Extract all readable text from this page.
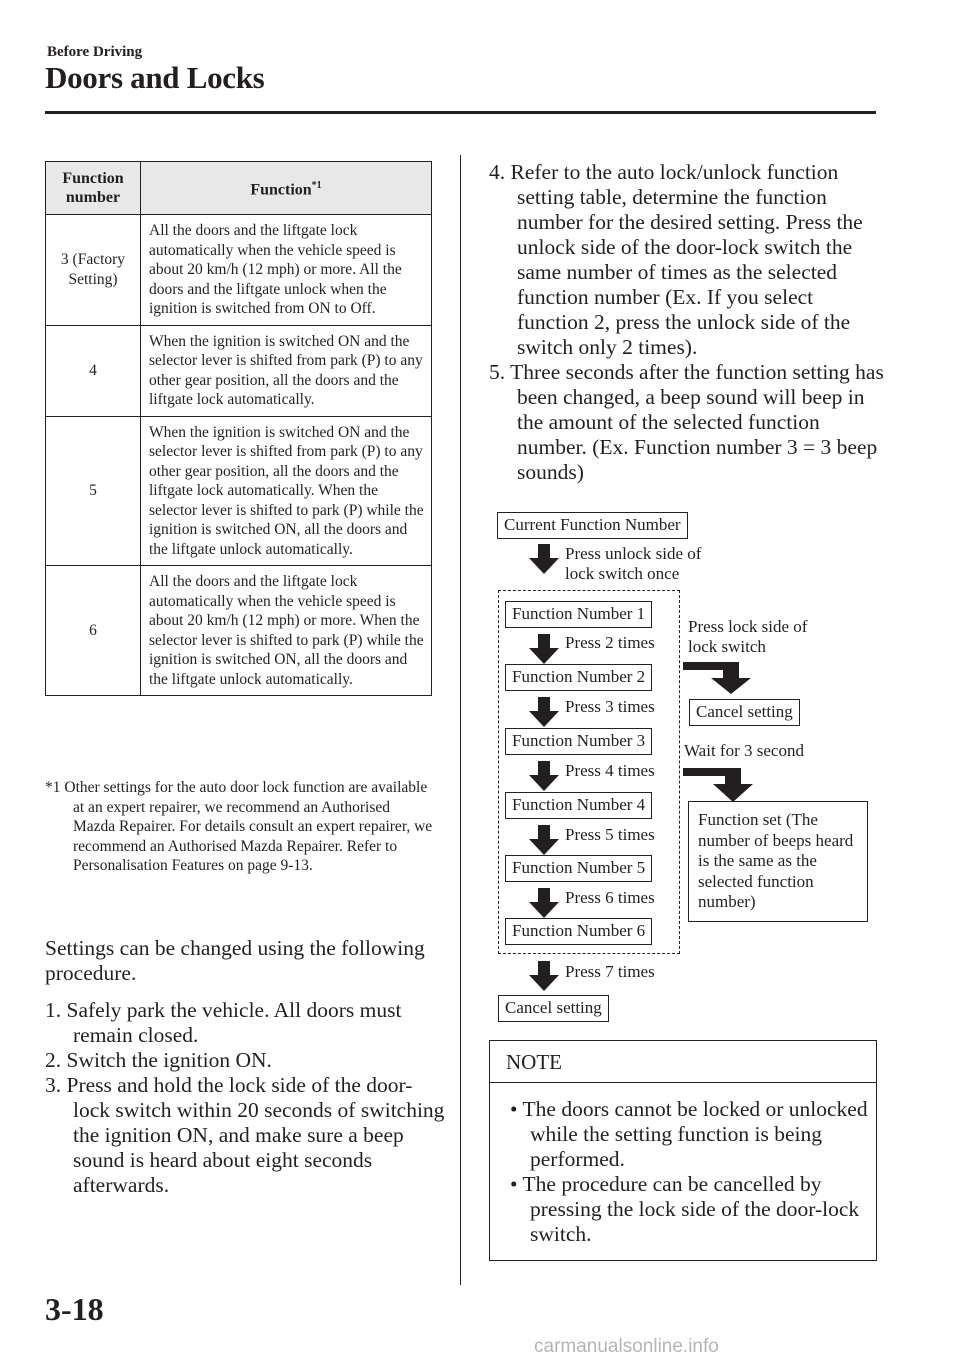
Before Driving
Doors and Locks
Function number	Function$^{*1}$
3 (Factory Setting)	All the doors and the liftgate lock automatically when the vehicle speed is about 20 km/h (12 mph) or more. All the doors and the liftgate unlock when the ignition is switched from ON to Off.
4	When the ignition is switched ON and the selector lever is shifted from park (P) to any other gear position, all the doors and the liftgate lock automatically.
5	When the ignition is switched ON and the selector lever is shifted from park (P) to any other gear position, all the doors and the liftgate lock automatically. When the selector lever is shifted to park (P) while the ignition is switched ON, all the doors and the liftgate unlock automatically.
6	All the doors and the liftgate lock automatically when the vehicle speed is about 20 km/h (12 mph) or more. When the selector lever is shifted to park (P) while the ignition is switched ON, all the doors and the liftgate unlock automatically.
*1 Other settings for the auto door lock function are available at an expert repairer, we recommend an Authorised Mazda Repairer. For details consult an expert repairer, we recommend an Authorised Mazda Repairer. Refer to Personalisation Features on page 9-13.
Settings can be changed using the following procedure.
1. Safely park the vehicle. All doors must remain closed.
2. Switch the ignition ON.
3. Press and hold the lock side of the door-lock switch within 20 seconds of switching the ignition ON, and make sure a beep sound is heard about eight seconds afterwards.
4. Refer to the auto lock/unlock function setting table, determine the function number for the desired setting. Press the unlock side of the door-lock switch the same number of times as the selected function number (Ex. If you select function 2, press the unlock side of the switch only 2 times).
5. Three seconds after the function setting has been changed, a beep sound will beep in the amount of the selected function number. (Ex. Function number 3 = 3 beep sounds)
Current Function Number
Press unlock side of
lock switch once
Function Number 1
Press 2 times
Function Number 2
Press 3 times
Function Number 3
Press 4 times
Function Number 4
Press 5 times
Function Number 5
Press 6 times
Function Number 6
Press 7 times
Cancel setting
Press lock side of
lock switch
Cancel setting
Wait for 3 second
Function set (The number of beeps heard is the same as the selected function number)
NOTE
• The doors cannot be locked or unlocked while the setting function is being performed.
• The procedure can be cancelled by pressing the lock side of the door-lock switch.
3-18
carmanualsonline.info
